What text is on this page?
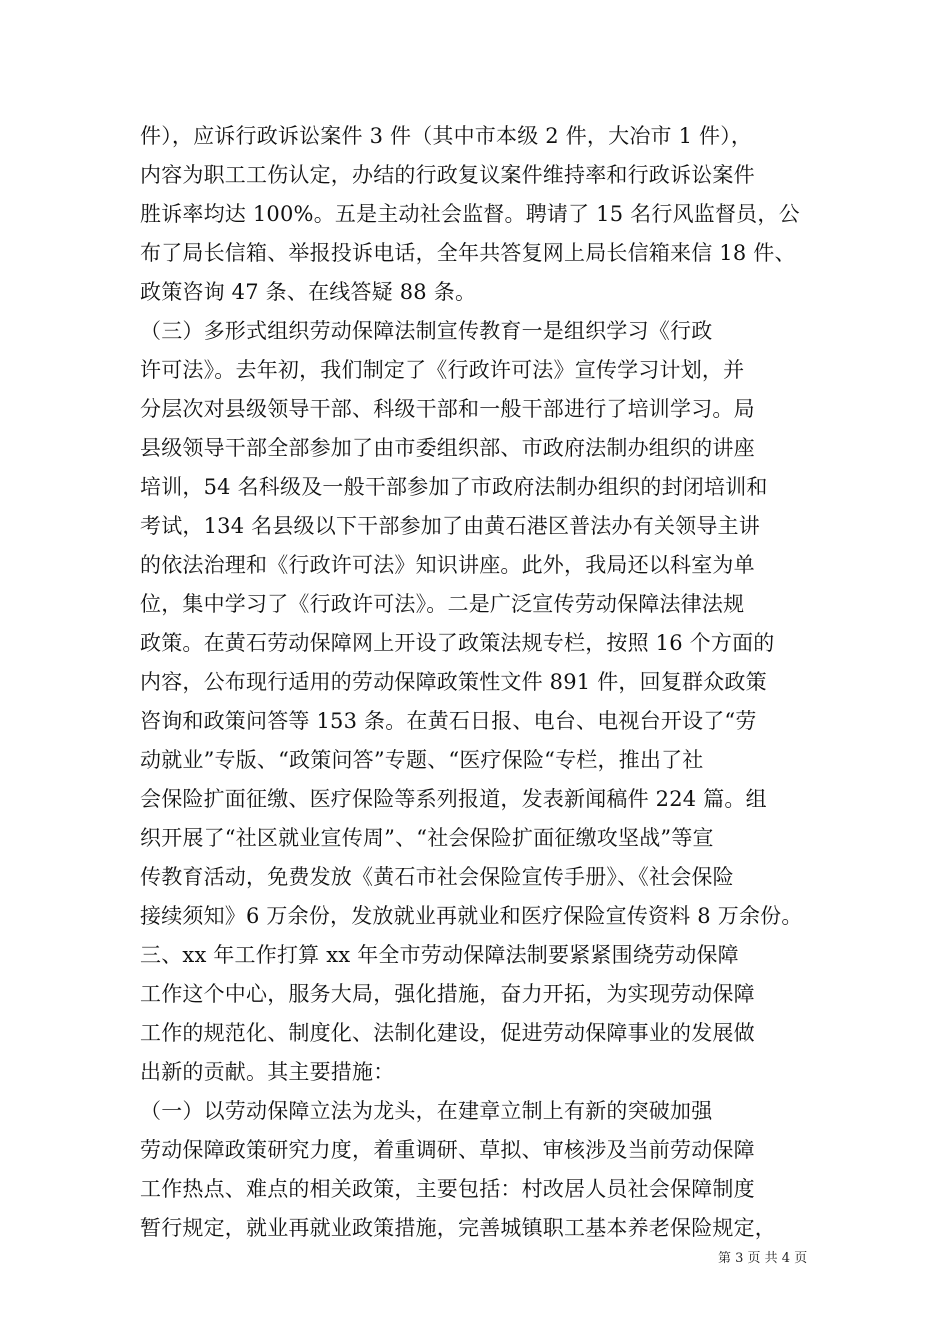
件），应诉行政诉讼案件 3 件（其中市本级 2 件，大冶市 1 件），
内容为职工工伤认定，办结的行政复议案件维持率和行政诉讼案件
胜诉率均达 100%。五是主动社会监督。聘请了 15 名行风监督员，公
布了局长信箱、举报投诉电话，全年共答复网上局长信箱来信 18 件、
政策咨询 47 条、在线答疑 88 条。
（三）多形式组织劳动保障法制宣传教育一是组织学习《行政
许可法》。去年初，我们制定了《行政许可法》宣传学习计划，并
分层次对县级领导干部、科级干部和一般干部进行了培训学习。局
县级领导干部全部参加了由市委组织部、市政府法制办组织的讲座
培训，54 名科级及一般干部参加了市政府法制办组织的封闭培训和
考试，134 名县级以下干部参加了由黄石港区普法办有关领导主讲
的依法治理和《行政许可法》知识讲座。此外，我局还以科室为单
位，集中学习了《行政许可法》。二是广泛宣传劳动保障法律法规
政策。在黄石劳动保障网上开设了政策法规专栏，按照 16 个方面的
内容，公布现行适用的劳动保障政策性文件 891 件，回复群众政策
咨询和政策问答等 153 条。在黄石日报、电台、电视台开设了“劳
动就业”专版、“政策问答”专题、“医疗保险“专栏，推出了社
会保险扩面征缴、医疗保险等系列报道，发表新闻稿件 224 篇。组
织开展了“社区就业宣传周”、“社会保险扩面征缴攻坚战”等宣
传教育活动，免费发放《黄石市社会保险宣传手册》、《社会保险
接续须知》6 万余份，发放就业再就业和医疗保险宣传资料 8 万余份。
三、xx 年工作打算 xx 年全市劳动保障法制要紧紧围绕劳动保障
工作这个中心，服务大局，强化措施，奋力开拓，为实现劳动保障
工作的规范化、制度化、法制化建设，促进劳动保障事业的发展做
出新的贡献。其主要措施：
（一）以劳动保障立法为龙头，在建章立制上有新的突破加强
劳动保障政策研究力度，着重调研、草拟、审核涉及当前劳动保障
工作热点、难点的相关政策，主要包括：村改居人员社会保障制度
暂行规定，就业再就业政策措施，完善城镇职工基本养老保险规定，
第 3 页 共 4 页
